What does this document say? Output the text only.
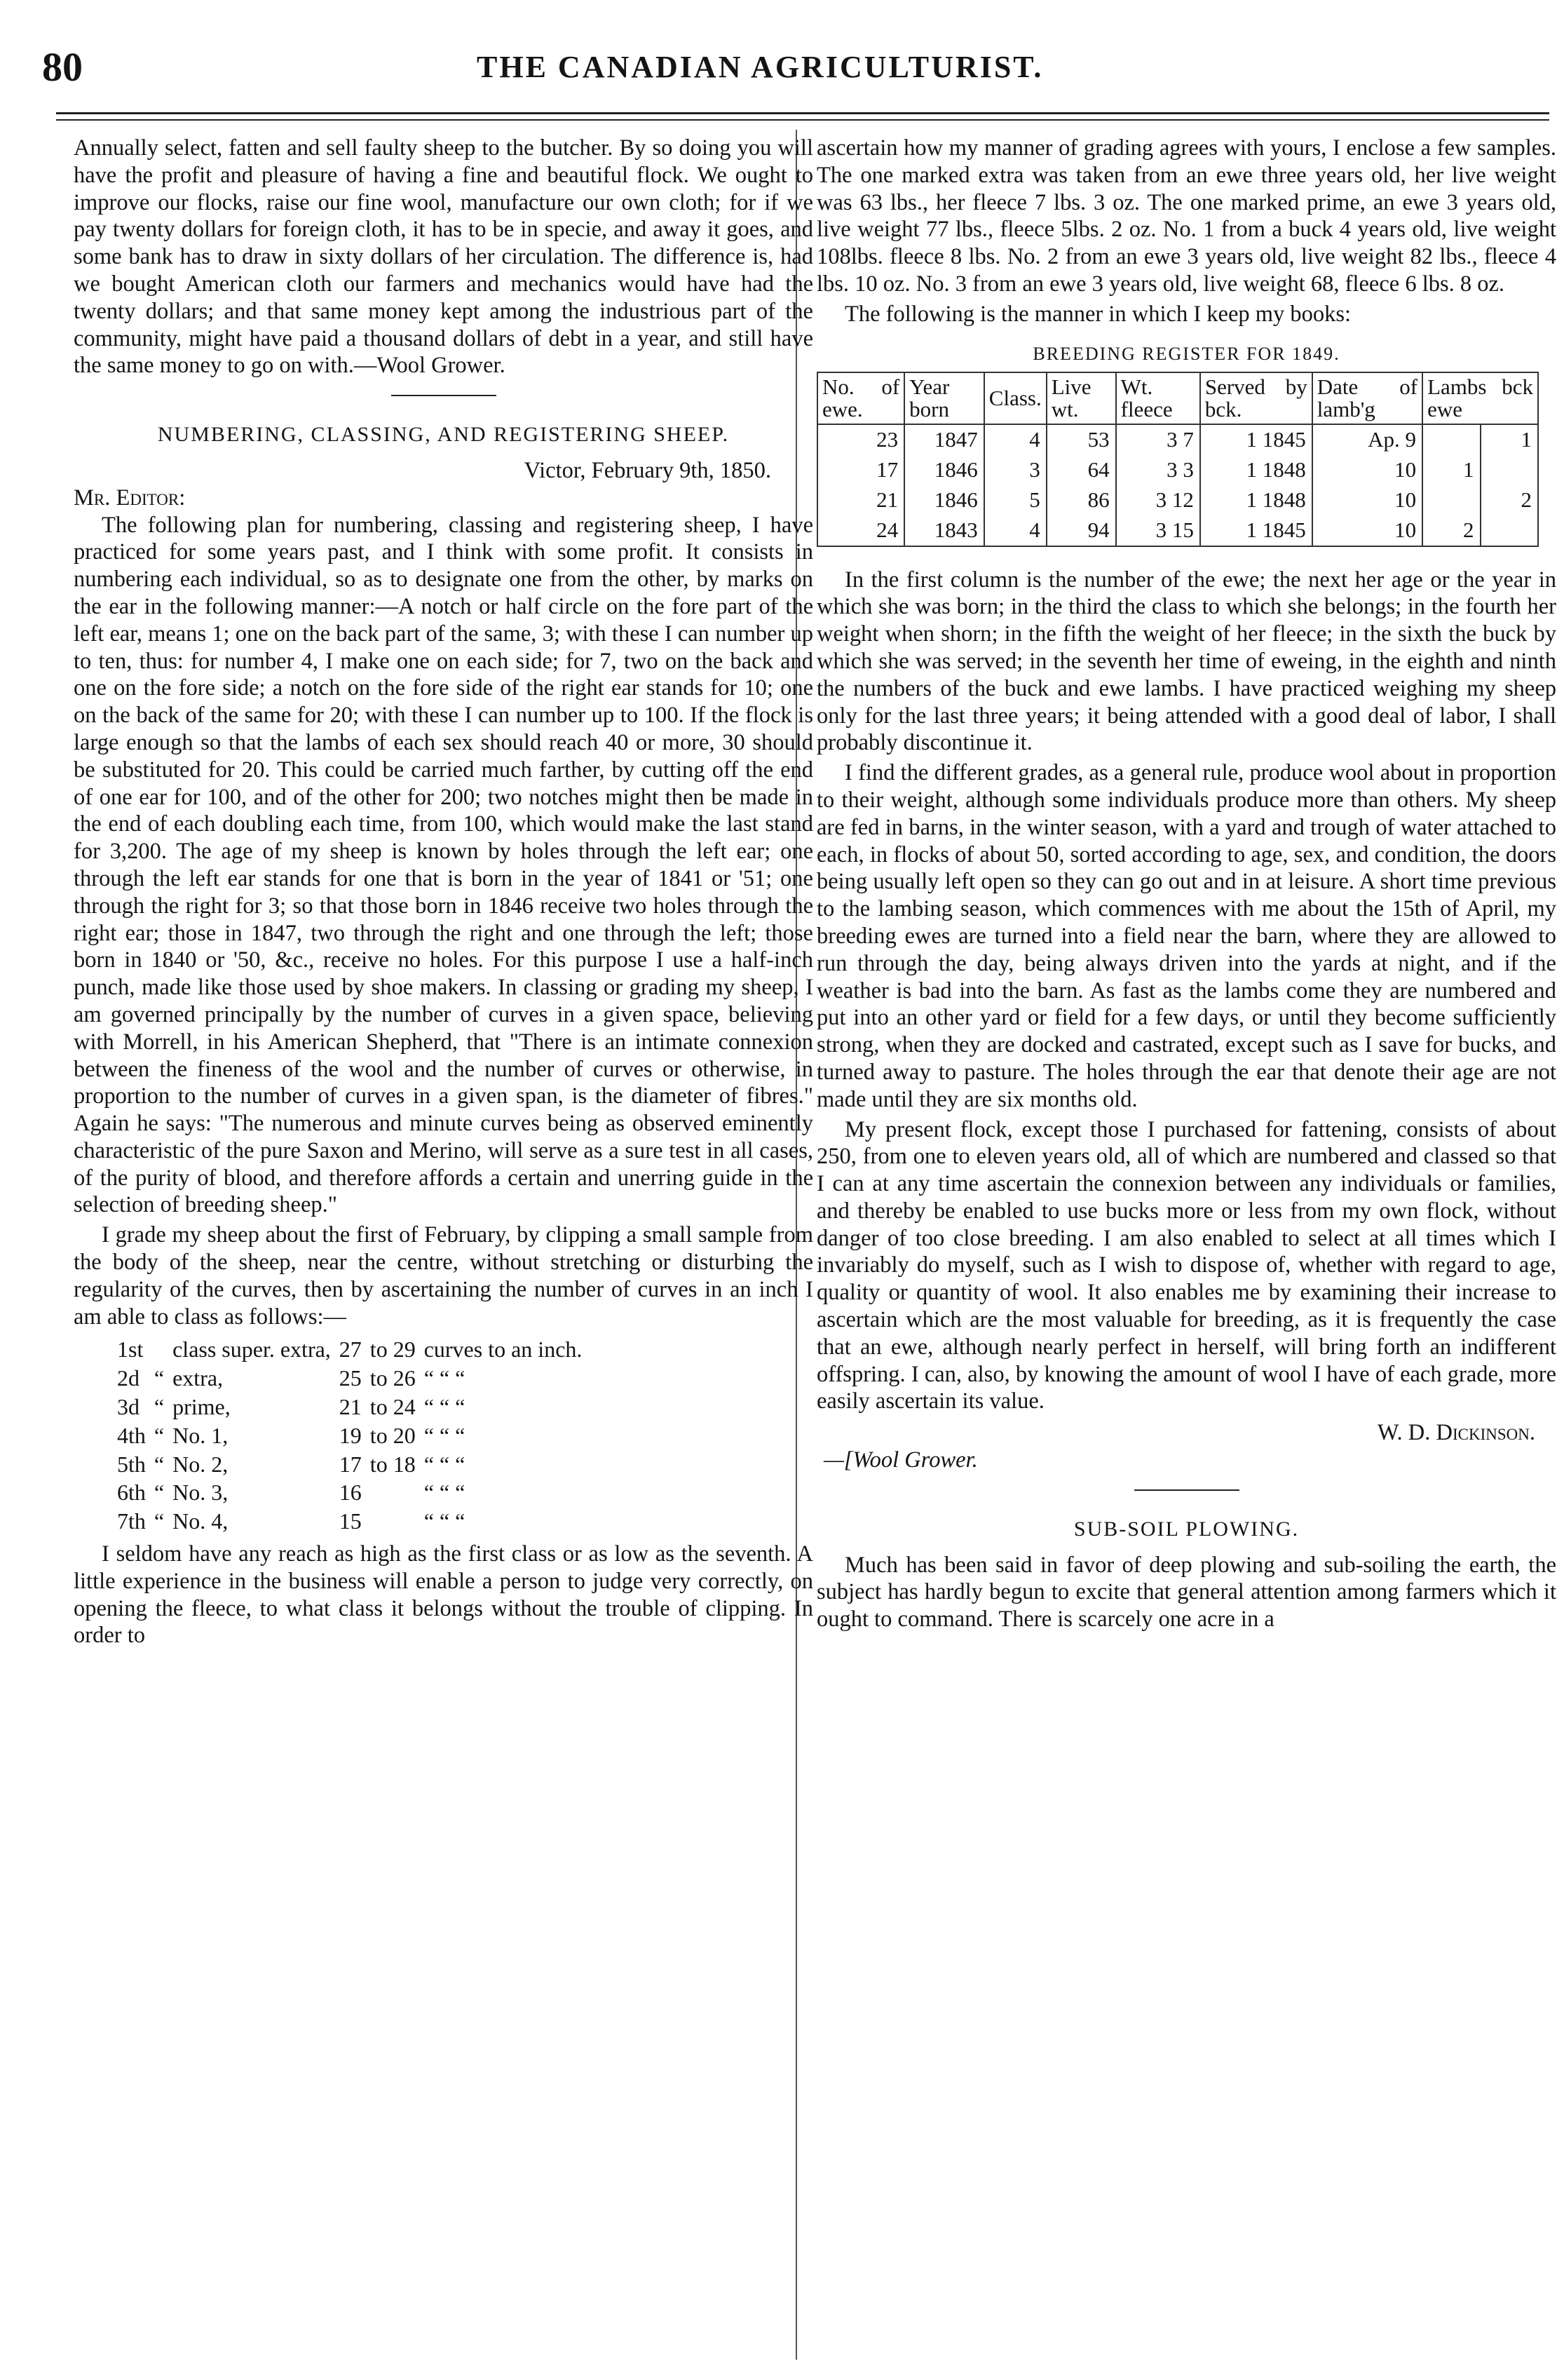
80	THE CANADIAN AGRICULTURIST.

Annually select, fatten and sell faulty sheep to the butcher. By so doing you will have the profit and pleasure of having a fine and beautiful flock. We ought to improve our flocks, raise our fine wool, manufacture our own cloth; for if we pay twenty dollars for foreign cloth, it has to be in specie, and away it goes, and some bank has to draw in sixty dollars of her circulation. The difference is, had we bought American cloth our farmers and mechanics would have had the twenty dollars; and that same money kept among the industrious part of the community, might have paid a thousand dollars of debt in a year, and still have the same money to go on with.—Wool Grower.

NUMBERING, CLASSING, AND REGISTERING SHEEP.
Victor, February 9th, 1850.
Mr. Editor:

The following plan for numbering, classing and registering sheep, I have practiced for some years past, and I think with some profit. It consists in numbering each individual, so as to designate one from the other, by marks on the ear in the following manner:—A notch or half circle on the fore part of the left ear, means 1; one on the back part of the same, 3; with these I can number up to ten, thus: for number 4, I make one on each side; for 7, two on the back and one on the fore side; a notch on the fore side of the right ear stands for 10; one on the back of the same for 20; with these I can number up to 100. If the flock is large enough so that the lambs of each sex should reach 40 or more, 30 should be substituted for 20. This could be carried much farther, by cutting off the end of one ear for 100, and of the other for 200; two notches might then be made in the end of each doubling each time, from 100, which would make the last stand for 3,200. The age of my sheep is known by holes through the left ear; one through the left ear stands for one that is born in the year of 1841 or '51; one through the right for 3; so that those born in 1846 receive two holes through the right ear; those in 1847, two through the right and one through the left; those born in 1840 or '50, &c., receive no holes. For this purpose I use a half-inch punch, made like those used by shoe makers. In classing or grading my sheep, I am governed principally by the number of curves in a given space, believing with Morrell, in his American Shepherd, that "There is an intimate connexion between the fineness of the wool and the number of curves or otherwise, in proportion to the number of curves in a given span, is the diameter of fibres." Again he says: "The numerous and minute curves being as observed eminently characteristic of the pure Saxon and Merino, will serve as a sure test in all cases, of the purity of blood, and therefore affords a certain and unerring guide in the selection of breeding sheep."

I grade my sheep about the first of February, by clipping a small sample from the body of the sheep, near the centre, without stretching or disturbing the regularity of the curves, then by ascertaining the number of curves in an inch I am able to class as follows:—

1st		class super. extra,	27	to 29	curves to an inch.
2d	“	extra,	25	to 26	“ “ “
3d	“	prime,	21	to 24	“ “ “
4th	“	No. 1,	19	to 20	“ “ “
5th	“	No. 2,	17	to 18	“ “ “
6th	“	No. 3,	16		“ “ “
7th	“	No. 4,	15		“ “ “

I seldom have any reach as high as the first class or as low as the seventh. A little experience in the business will enable a person to judge very correctly, on opening the fleece, to what class it belongs without the trouble of clipping. In order to

ascertain how my manner of grading agrees with yours, I enclose a few samples. The one marked extra was taken from an ewe three years old, her live weight was 63 lbs., her fleece 7 lbs. 3 oz. The one marked prime, an ewe 3 years old, live weight 77 lbs., fleece 5lbs. 2 oz. No. 1 from a buck 4 years old, live weight 108lbs. fleece 8 lbs. No. 2 from an ewe 3 years old, live weight 82 lbs., fleece 4 lbs. 10 oz. No. 3 from an ewe 3 years old, live weight 68, fleece 6 lbs. 8 oz.

The following is the manner in which I keep my books:

BREEDING REGISTER FOR 1849.
No. of ewe.	Year born	Class.	Live wt.	Wt. fleece	Served by bck.	Date of lamb'g	Lambs bck ewe	
23	1847	4	53	3 7	1 1845	Ap. 9		1
17	1846	3	64	3 3	1 1848	10	1	
21	1846	5	86	3 12	1 1848	10		2
24	1843	4	94	3 15	1 1845	10	2	

In the first column is the number of the ewe; the next her age or the year in which she was born; in the third the class to which she belongs; in the fourth her weight when shorn; in the fifth the weight of her fleece; in the sixth the buck by which she was served; in the seventh her time of eweing, in the eighth and ninth the numbers of the buck and ewe lambs. I have practiced weighing my sheep only for the last three years; it being attended with a good deal of labor, I shall probably discontinue it.

I find the different grades, as a general rule, produce wool about in proportion to their weight, although some individuals produce more than others. My sheep are fed in barns, in the winter season, with a yard and trough of water attached to each, in flocks of about 50, sorted according to age, sex, and condition, the doors being usually left open so they can go out and in at leisure. A short time previous to the lambing season, which commences with me about the 15th of April, my breeding ewes are turned into a field near the barn, where they are allowed to run through the day, being always driven into the yards at night, and if the weather is bad into the barn. As fast as the lambs come they are numbered and put into an other yard or field for a few days, or until they become sufficiently strong, when they are docked and castrated, except such as I save for bucks, and turned away to pasture. The holes through the ear that denote their age are not made until they are six months old.

My present flock, except those I purchased for fattening, consists of about 250, from one to eleven years old, all of which are numbered and classed so that I can at any time ascertain the connexion between any individuals or families, and thereby be enabled to use bucks more or less from my own flock, without danger of too close breeding. I am also enabled to select at all times which I invariably do myself, such as I wish to dispose of, whether with regard to age, quality or quantity of wool. It also enables me by examining their increase to ascertain which are the most valuable for breeding, as it is frequently the case that an ewe, although nearly perfect in herself, will bring forth an indifferent offspring. I can, also, by knowing the amount of wool I have of each grade, more easily ascertain its value.

W. D. Dickinson.
—[Wool Grower.
SUB-SOIL PLOWING.

Much has been said in favor of deep plowing and sub-soiling the earth, the subject has hardly begun to excite that general attention among farmers which it ought to command. There is scarcely one acre in a
